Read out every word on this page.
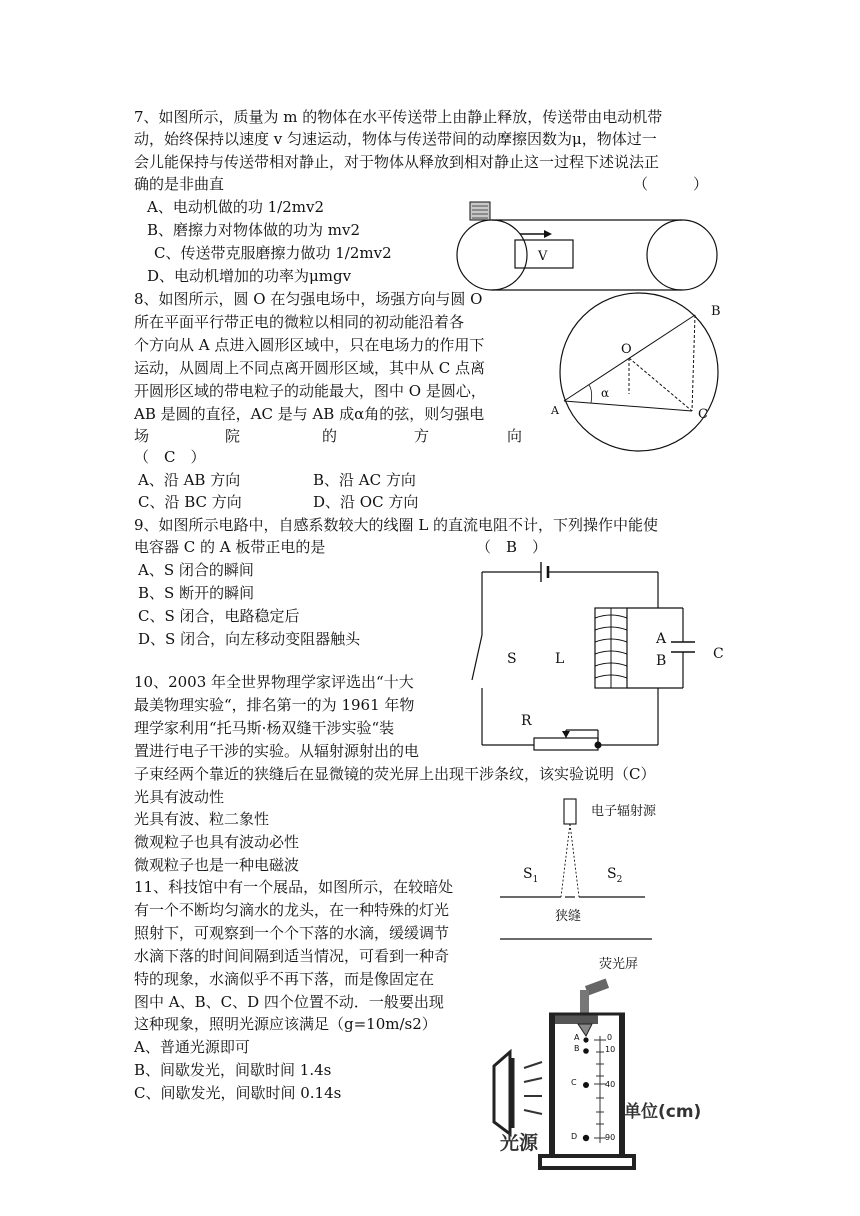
7、如图所示，质量为 m 的物体在水平传送带上由静止释放，传送带由电动机带
动，始终保持以速度 v 匀速运动，物体与传送带间的动摩擦因数为μ，物体过一
会儿能保持与传送带相对静止，对于物体从释放到相对静止这一过程下述说法正
确的是非曲直	（　　　）
A、电动机做的功 1/2mv2
B、磨擦力对物体做的功为 mv2
C、传送带克服磨擦力做功 1/2mv2
D、电动机增加的功率为μmgv
V
8、如图所示，圆 O 在匀强电场中，场强方向与圆 O
所在平面平行带正电的微粒以相同的初动能沿着各
个方向从 A 点进入圆形区域中，只在电场力的作用下
运动，从圆周上不同点离开圆形区域，其中从 C 点离
开圆形区域的带电粒子的动能最大，图中 O 是圆心，
AB 是圆的直径，AC 是与 AB 成α角的弦，则匀强电
场	院	的	方	向
（　C　）
A、沿 AB 方向	B、沿 AC 方向
C、沿 BC 方向	D、沿 OC 方向
O
B
A	C
α
9、如图所示电路中，自感系数较大的线圈 L 的直流电阻不计，下列操作中能使
电容器 C 的 A 板带正电的是	（　B　）
A、S 闭合的瞬间
B、S 断开的瞬间
C、S 闭合，电路稳定后
D、S 闭合，向左移动变阻器触头
S	L
A
B	C
R
10、2003 年全世界物理学家评选出“十大
最美物理实验“，排名第一的为 1961 年物
理学家利用“托马斯·杨双缝干涉实验“装
置进行电子干涉的实验。从辐射源射出的电
子束经两个靠近的狭缝后在显微镜的荧光屏上出现干涉条纹，该实验说明（C）
光具有波动性
光具有波、粒二象性
微观粒子也具有波动必性
微观粒子也是一种电磁波
电子辐射源
$S_1$	$S_2$
狭缝
荧光屏
11、科技馆中有一个展品，如图所示，在较暗处
有一个不断均匀滴水的龙头，在一种特殊的灯光
照射下，可观察到一个个下落的水滴，缓缓调节
水滴下落的时间间隔到适当情况，可看到一种奇
特的现象，水滴似乎不再下落，而是像固定在
图中 A、B、C、D 四个位置不动．一般要出现
这种现象，照明光源应该满足（g=10m/s2）
A、普通光源即可
B、间歇发光，间歇时间 1.4s
C、间歇发光，间歇时间 0.14s
A
B
C
D
0
10
40
90
光源
单位(cm)
